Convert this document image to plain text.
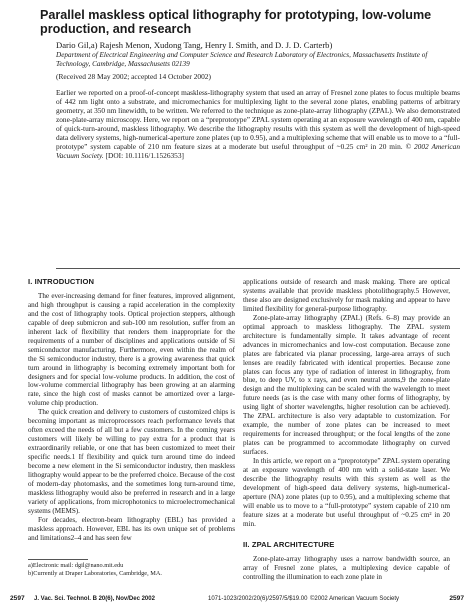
Parallel maskless optical lithography for prototyping, low-volume production, and research
Dario Gil,a) Rajesh Menon, Xudong Tang, Henry I. Smith, and D. J. D. Carterb)
Department of Electrical Engineering and Computer Science and Research Laboratory of Electronics, Massachusetts Institute of Technology, Cambridge, Massachusetts 02139
(Received 28 May 2002; accepted 14 October 2002)
Earlier we reported on a proof-of-concept maskless-lithography system that used an array of Fresnel zone plates to focus multiple beams of 442 nm light onto a substrate, and micromechanics for multiplexing light to the several zone plates, enabling patterns of arbitrary geometry, at 350 nm linewidth, to be written. We referred to the technique as zone-plate-array lithography (ZPAL). We also demonstrated zone-plate-array microscopy. Here, we report on a “preprototype” ZPAL system operating at an exposure wavelength of 400 nm, capable of quick-turn-around, maskless lithography. We describe the lithography results with this system as well the development of high-speed data delivery systems, high-numerical-aperture zone plates (up to 0.95), and a multiplexing scheme that will enable us to move to a “full-prototype” system capable of 210 nm feature sizes at a moderate but useful throughput of ~0.25 cm² in 20 min. © 2002 American Vacuum Society. [DOI: 10.1116/1.1526353]
I. INTRODUCTION

The ever-increasing demand for finer features, improved alignment, and high throughput is causing a rapid acceleration in the complexity and the cost of lithography tools. Optical projection steppers, although capable of deep submicron and sub-100 nm resolution, suffer from an inherent lack of flexibility that renders them inappropriate for the requirements of a number of disciplines and applications outside of Si semiconductor manufacturing. Furthermore, even within the realm of the Si semiconductor industry, there is a growing awareness that quick turn around in lithography is becoming extremely important both for designers and for special low-volume products. In addition, the cost of low-volume commercial lithography has been growing at an alarming rate, since the high cost of masks cannot be amortized over a large-volume chip production.

The quick creation and delivery to customers of customized chips is becoming important as microprocessors reach performance levels that often exceed the needs of all but a few customers. In the coming years customers will likely be willing to pay extra for a product that is extraordinarily reliable, or one that has been customized to meet their specific needs.1 If flexibility and quick turn around time do indeed become a new element in the Si semiconductor industry, then maskless lithography would appear to be the preferred choice. Because of the cost of modern-day photomasks, and the sometimes long turn-around time, maskless lithography would also be preferred in research and in a large variety of applications, from microphotonics to microelectromechanical systems (MEMS).

For decades, electron-beam lithography (EBL) has provided a maskless approach. However, EBL has its own unique set of problems and limitations2–4 and has seen few

applications outside of research and mask making. There are optical systems available that provide maskless photolithography.5 However, these also are designed exclusively for mask making and appear to have limited flexibility for general-purpose lithography.

Zone-plate-array lithography (ZPAL) (Refs. 6–8) may provide an optimal approach to maskless lithography. The ZPAL system architecture is fundamentally simple. It takes advantage of recent advances in micromechanics and low-cost computation. Because zone plates are fabricated via planar processing, large-area arrays of such lenses are readily fabricated with identical properties. Because zone plates can focus any type of radiation of interest in lithography, from blue, to deep UV, to x rays, and even neutral atoms,9 the zone-plate design and the multiplexing can be scaled with the wavelength to meet future needs (as is the case with many other forms of lithography, by using light of shorter wavelengths, higher resolution can be achieved). The ZPAL architecture is also very adaptable to customization. For example, the number of zone plates can be increased to meet requirements for increased throughput; or the focal lengths of the zone plates can be programmed to accommodate lithography on curved surfaces.

In this article, we report on a “preprototype” ZPAL system operating at an exposure wavelength of 400 nm with a solid-state laser. We describe the lithography results with this system as well as the development of high-speed data delivery systems, high-numerical-aperture (NA) zone plates (up to 0.95), and a multiplexing scheme that will enable us to move to a “full-prototype” system capable of 210 nm feature sizes at a moderate but useful throughput of ~0.25 cm² in 20 min.

II. ZPAL ARCHITECTURE

Zone-plate-array lithography uses a narrow bandwidth source, an array of Fresnel zone plates, a multiplexing device capable of controlling the illumination to each zone plate in

a)Electronic mail: dgil@nano.mit.edu
b)Currently at Draper Laboratories, Cambridge, MA.
2597 J. Vac. Sci. Technol. B 20(6), Nov/Dec 2002	1071-1023/2002/20(6)/2597/5/$19.00 ©2002 American Vacuum Society	2597
